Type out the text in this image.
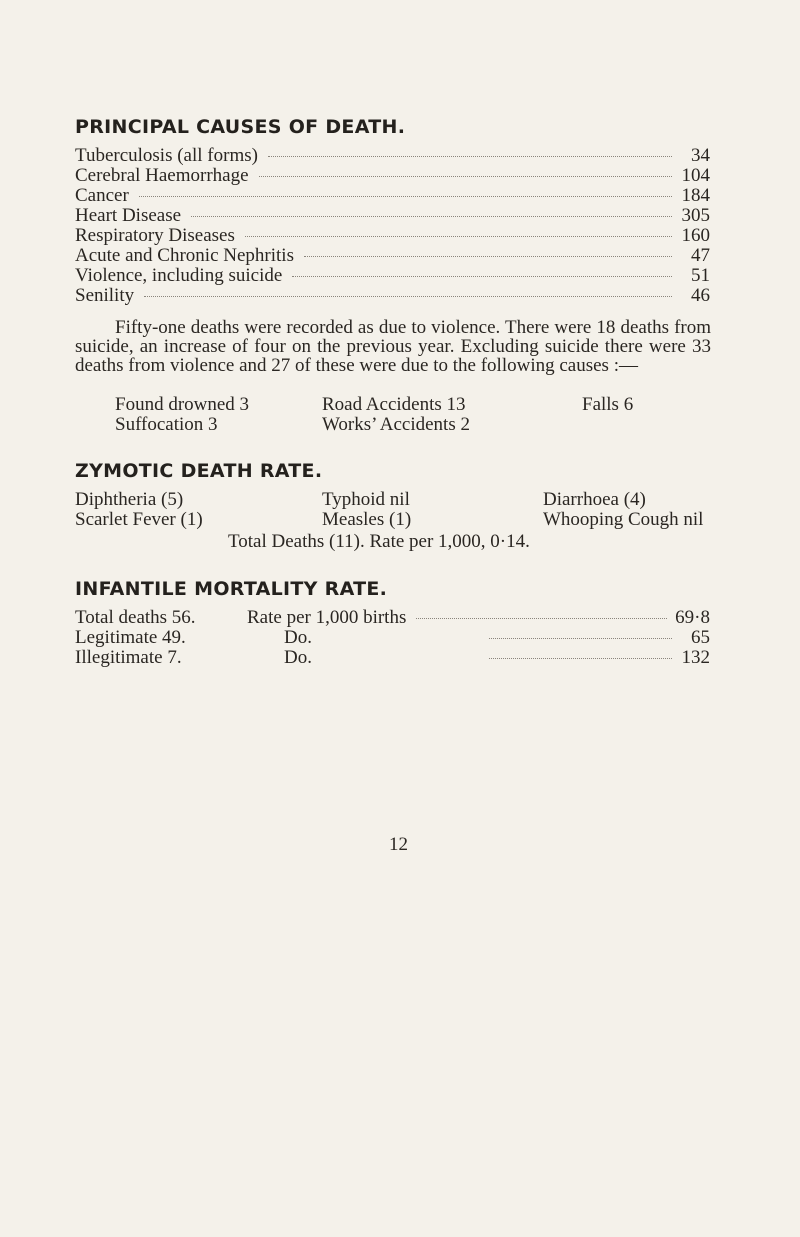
PRINCIPAL CAUSES OF DEATH.
Tuberculosis (all forms)	34
Cerebral Haemorrhage	104
Cancer	184
Heart Disease	305
Respiratory Diseases	160
Acute and Chronic Nephritis	47
Violence, including suicide	51
Senility	46
Fifty-one deaths were recorded as due to violence. There were 18 deaths from suicide, an increase of four on the previous year. Excluding suicide there were 33 deaths from violence and 27 of these were due to the following causes :—
Found drowned 3	Road Accidents 13	Falls 6
Suffocation 3	Works’ Accidents 2
ZYMOTIC DEATH RATE.
Diphtheria (5)	Typhoid nil	Diarrhoea (4)
Scarlet Fever (1)	Measles (1)	Whooping Cough nil
Total Deaths (11). Rate per 1,000, 0·14.
INFANTILE MORTALITY RATE.
Total deaths 56.	Rate per 1,000 births	69·8
Legitimate 49.	Do.	65
Illegitimate 7.	Do.	132
12
